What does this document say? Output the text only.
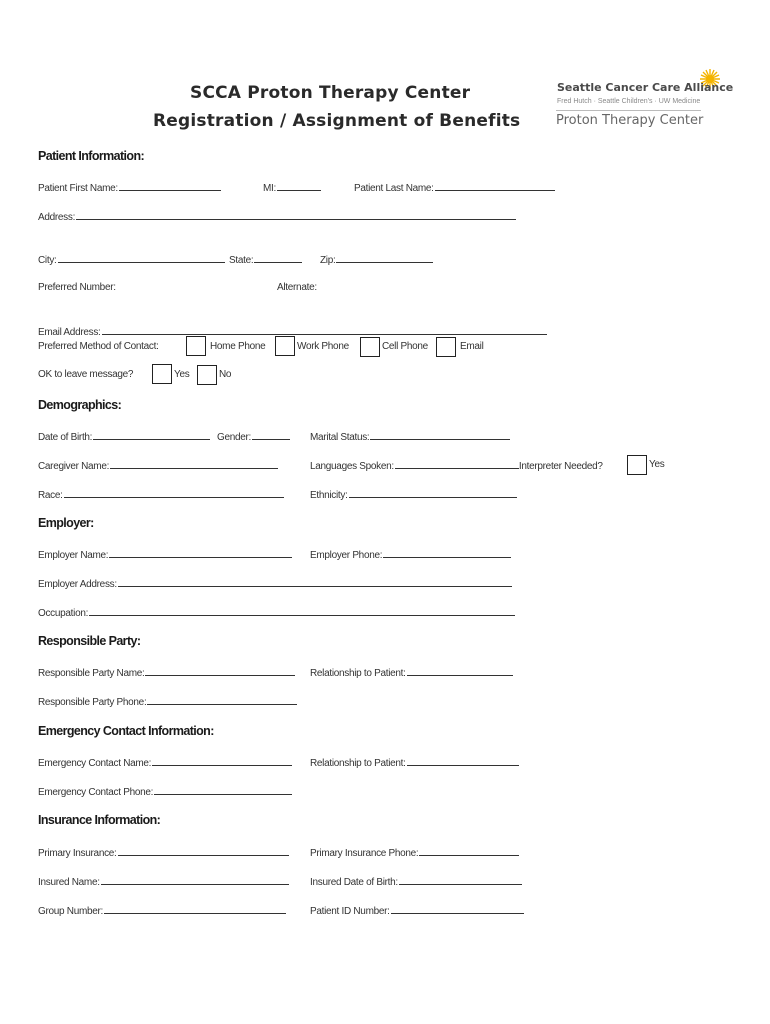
SCCA Proton Therapy Center
Registration / Assignment of Benefits
Seattle Cancer Care Alliance
Fred Hutch · Seattle Children's · UW Medicine
Proton Therapy Center
Patient Information:
Patient First Name:	MI:	Patient Last Name:
Address:
City:	State:	Zip:
Preferred Number:	Alternate:
Email Address:
Preferred Method of Contact:	Home Phone	Work Phone	Cell Phone	Email
OK to leave message?	Yes	No
Demographics:
Date of Birth:	Gender:	Marital Status:
Caregiver Name:	Languages Spoken:	Interpreter Needed?	Yes
Race:	Ethnicity:
Employer:
Employer Name:	Employer Phone:
Employer Address:
Occupation:
Responsible Party:
Responsible Party Name:	Relationship to Patient:
Responsible Party Phone:
Emergency Contact Information:
Emergency Contact Name:	Relationship to Patient:
Emergency Contact Phone:
Insurance Information:
Primary Insurance:	Primary Insurance Phone:
Insured Name:	Insured Date of Birth:
Group Number:	Patient ID Number:
